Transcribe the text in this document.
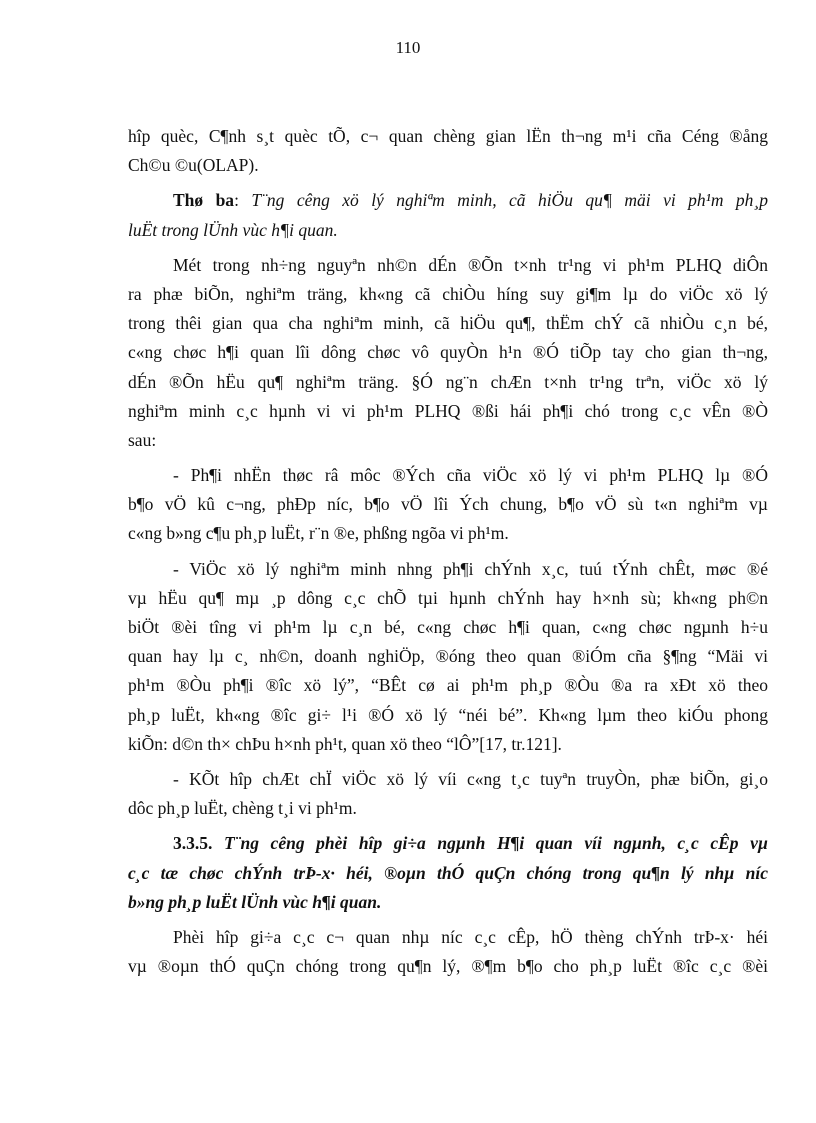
110
hîp quèc, C¶nh s¸t quèc tÕ, c¬ quan chèng gian lËn th¬ng m¹i cña Céng ®ång
Ch©u ©u(OLAP).
Thø ba: T¨ng cêng xö lý nghiªm minh, cã hiÖu qu¶ mäi vi ph¹m ph¸p
luËt trong lÜnh vùc h¶i quan.
Mét trong nh÷ng nguyªn nh©n dÉn ®Õn t×nh tr¹ng vi ph¹m PLHQ diÔn
ra phæ biÕn, nghiªm träng, kh«ng cã chiÒu híng suy gi¶m lµ do viÖc xö lý
trong thêi gian qua cha nghiªm minh, cã hiÖu qu¶, thËm chÝ cã nhiÒu c¸n bé,
c«ng chøc h¶i quan lîi dông chøc vô quyÒn h¹n ®Ó tiÕp tay cho gian th¬ng,
dÉn ®Õn hËu qu¶ nghiªm träng. §Ó ng¨n chÆn t×nh tr¹ng trªn, viÖc xö lý
nghiªm minh c¸c hµnh vi vi ph¹m PLHQ ®ßi hái ph¶i chó trong c¸c vÊn ®Ò
sau:
- Ph¶i nhËn thøc râ môc ®Ých cña viÖc xö lý vi ph¹m PLHQ lµ ®Ó
b¶o vÖ kû c¬ng, phÐp níc, b¶o vÖ lîi Ých chung, b¶o vÖ sù t«n nghiªm vµ
c«ng b»ng c¶u ph¸p luËt, r¨n ®e, phßng ngõa vi ph¹m.
- ViÖc xö lý nghiªm minh nhng ph¶i chÝnh x¸c, tuú tÝnh chÊt, møc ®é
vµ hËu qu¶ mµ ¸p dông c¸c chÕ tµi hµnh chÝnh hay h×nh sù; kh«ng ph©n
biÖt ®èi tîng vi ph¹m lµ c¸n bé, c«ng chøc h¶i quan, c«ng chøc ngµnh h÷u
quan hay lµ c¸ nh©n, doanh nghiÖp, ®óng theo quan ®iÓm cña §¶ng “Mäi vi
ph¹m ®Òu ph¶i ®îc xö lý”, “BÊt cø ai ph¹m ph¸p ®Òu ®a ra xÐt xö theo
ph¸p luËt, kh«ng ®îc gi÷ l¹i ®Ó xö lý “néi bé”. Kh«ng lµm theo kiÓu phong
kiÕn: d©n th× chÞu h×nh ph¹t, quan xö theo “lÔ”[17, tr.121].
- KÕt hîp chÆt chÏ viÖc xö lý víi c«ng t¸c tuyªn truyÒn, phæ biÕn, gi¸o
dôc ph¸p luËt, chèng t¸i vi ph¹m.
3.3.5. T¨ng cêng phèi hîp gi÷a ngµnh H¶i quan víi ngµnh, c¸c cÊp vµ
c¸c tæ chøc chÝnh trÞ-x· héi, ®oµn thÓ quÇn chóng trong qu¶n lý nhµ níc
b»ng ph¸p luËt lÜnh vùc h¶i quan.
Phèi hîp gi÷a c¸c c¬ quan nhµ níc c¸c cÊp, hÖ thèng chÝnh trÞ-x· héi
vµ ®oµn thÓ quÇn chóng trong qu¶n lý, ®¶m b¶o cho ph¸p luËt ®îc c¸c ®èi
